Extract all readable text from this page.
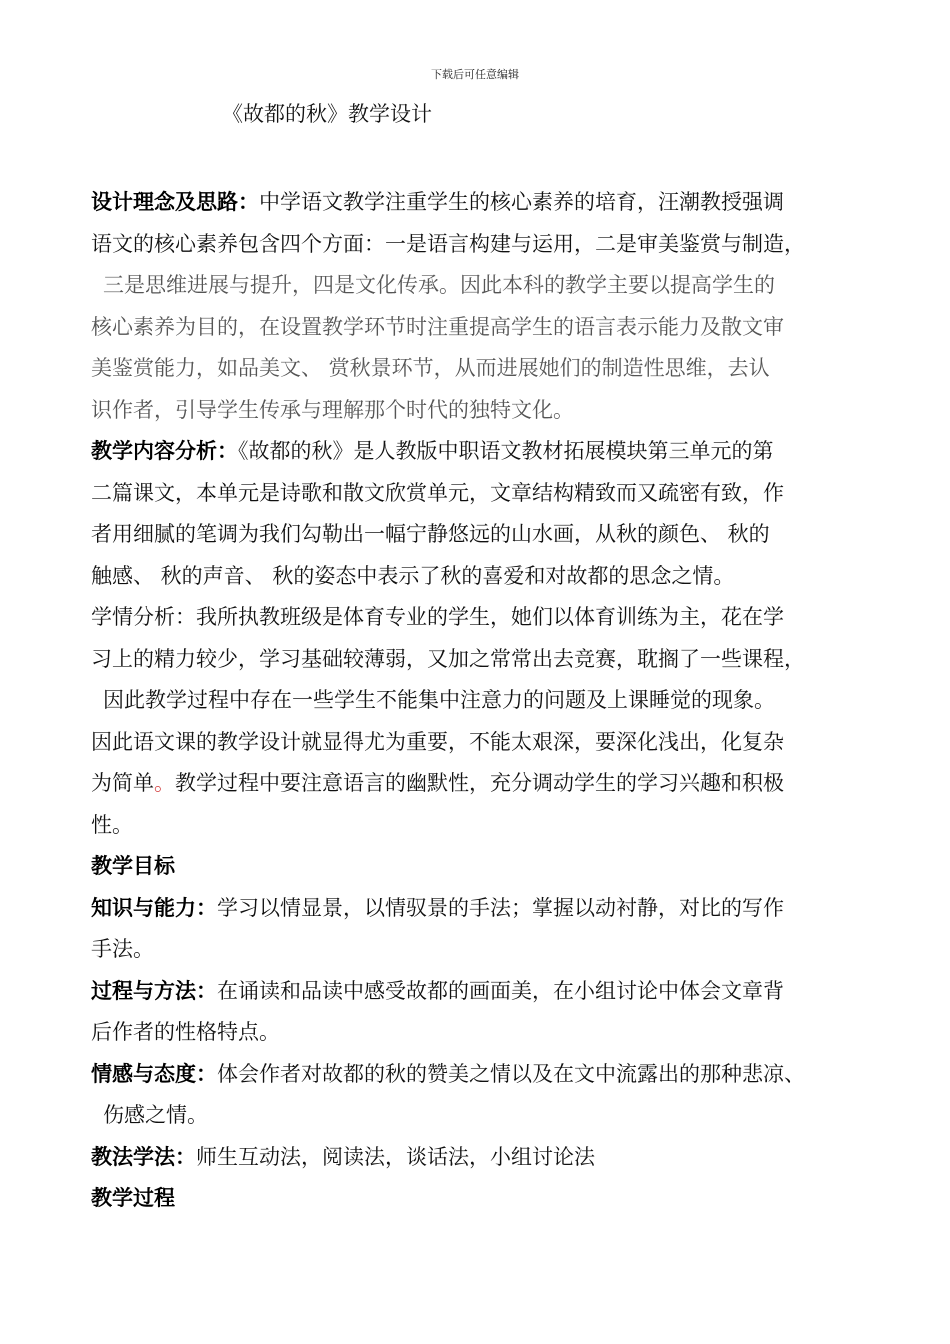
下载后可任意编辑
《故都的秋》教学设计

设计理念及思路：中学语文教学注重学生的核心素养的培育，汪潮教授强调

语文的核心素养包含四个方面：一是语言构建与运用，二是审美鉴赏与制造，

三是思维进展与提升，四是文化传承。因此本科的教学主要以提高学生的

核心素养为目的，在设置教学环节时注重提高学生的语言表示能力及散文审

美鉴赏能力，如品美文、 赏秋景环节，从而进展她们的制造性思维，去认

识作者，引导学生传承与理解那个时代的独特文化。

教学内容分析：《故都的秋》是人教版中职语文教材拓展模块第三单元的第

二篇课文，本单元是诗歌和散文欣赏单元，文章结构精致而又疏密有致，作

者用细腻的笔调为我们勾勒出一幅宁静悠远的山水画，从秋的颜色、 秋的

触感、 秋的声音、 秋的姿态中表示了秋的喜爱和对故都的思念之情。

学情分析：我所执教班级是体育专业的学生，她们以体育训练为主，花在学

习上的精力较少，学习基础较薄弱，又加之常常出去竞赛，耽搁了一些课程，

因此教学过程中存在一些学生不能集中注意力的问题及上课睡觉的现象。

因此语文课的教学设计就显得尤为重要，不能太艰深，要深化浅出，化复杂

为简单。教学过程中要注意语言的幽默性，充分调动学生的学习兴趣和积极

性。

教学目标

知识与能力：学习以情显景，以情驭景的手法；掌握以动衬静，对比的写作

手法。

过程与方法：在诵读和品读中感受故都的画面美，在小组讨论中体会文章背

后作者的性格特点。

情感与态度：体会作者对故都的秋的赞美之情以及在文中流露出的那种悲凉、

伤感之情。

教法学法：师生互动法，阅读法，谈话法，小组讨论法

教学过程
